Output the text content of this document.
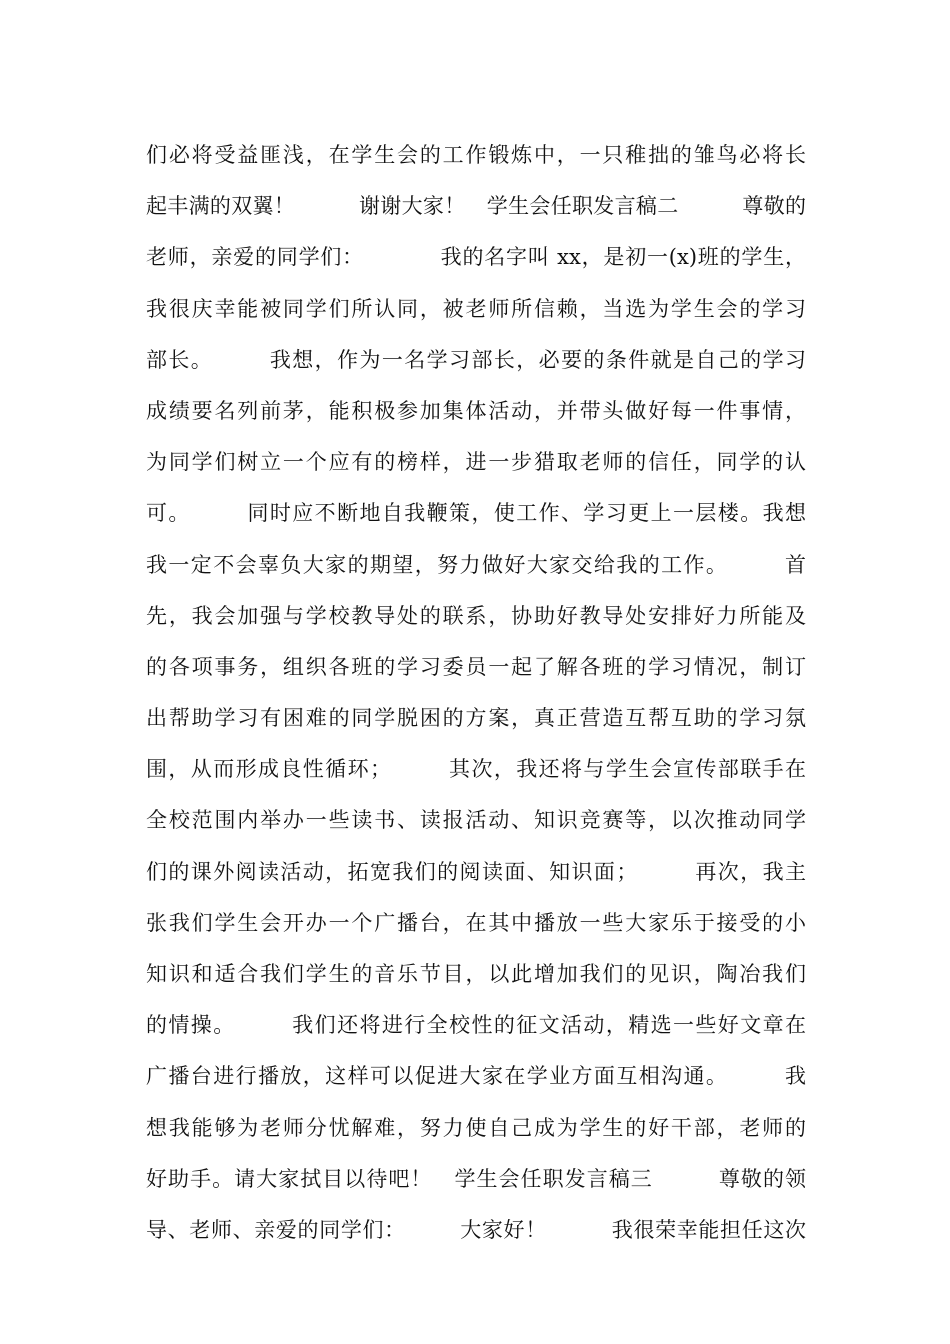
们必将受益匪浅，在学生会的工作锻炼中，一只稚拙的雏鸟必将长
起丰满的双翼！　　　谢谢大家！　学生会任职发言稿二　　　尊敬的
老师，亲爱的同学们：　　　　我的名字叫 xx，是初一(x)班的学生，
我很庆幸能被同学们所认同，被老师所信赖，当选为学生会的学习
部长。　　　我想，作为一名学习部长，必要的条件就是自己的学习
成绩要名列前茅，能积极参加集体活动，并带头做好每一件事情，
为同学们树立一个应有的榜样，进一步猎取老师的信任，同学的认
可。　　　同时应不断地自我鞭策，使工作、学习更上一层楼。我想
我一定不会辜负大家的期望，努力做好大家交给我的工作。　　　首
先，我会加强与学校教导处的联系，协助好教导处安排好力所能及
的各项事务，组织各班的学习委员一起了解各班的学习情况，制订
出帮助学习有困难的同学脱困的方案，真正营造互帮互助的学习氛
围，从而形成良性循环；　　　其次，我还将与学生会宣传部联手在
全校范围内举办一些读书、读报活动、知识竞赛等，以次推动同学
们的课外阅读活动，拓宽我们的阅读面、知识面；　　　再次，我主
张我们学生会开办一个广播台，在其中播放一些大家乐于接受的小
知识和适合我们学生的音乐节目，以此增加我们的见识，陶冶我们
的情操。　　　我们还将进行全校性的征文活动，精选一些好文章在
广播台进行播放，这样可以促进大家在学业方面互相沟通。　　　我
想我能够为老师分忧解难，努力使自己成为学生的好干部，老师的
好助手。请大家拭目以待吧！　学生会任职发言稿三　　　尊敬的领
导、老师、亲爱的同学们：　　　大家好！　　　我很荣幸能担任这次
